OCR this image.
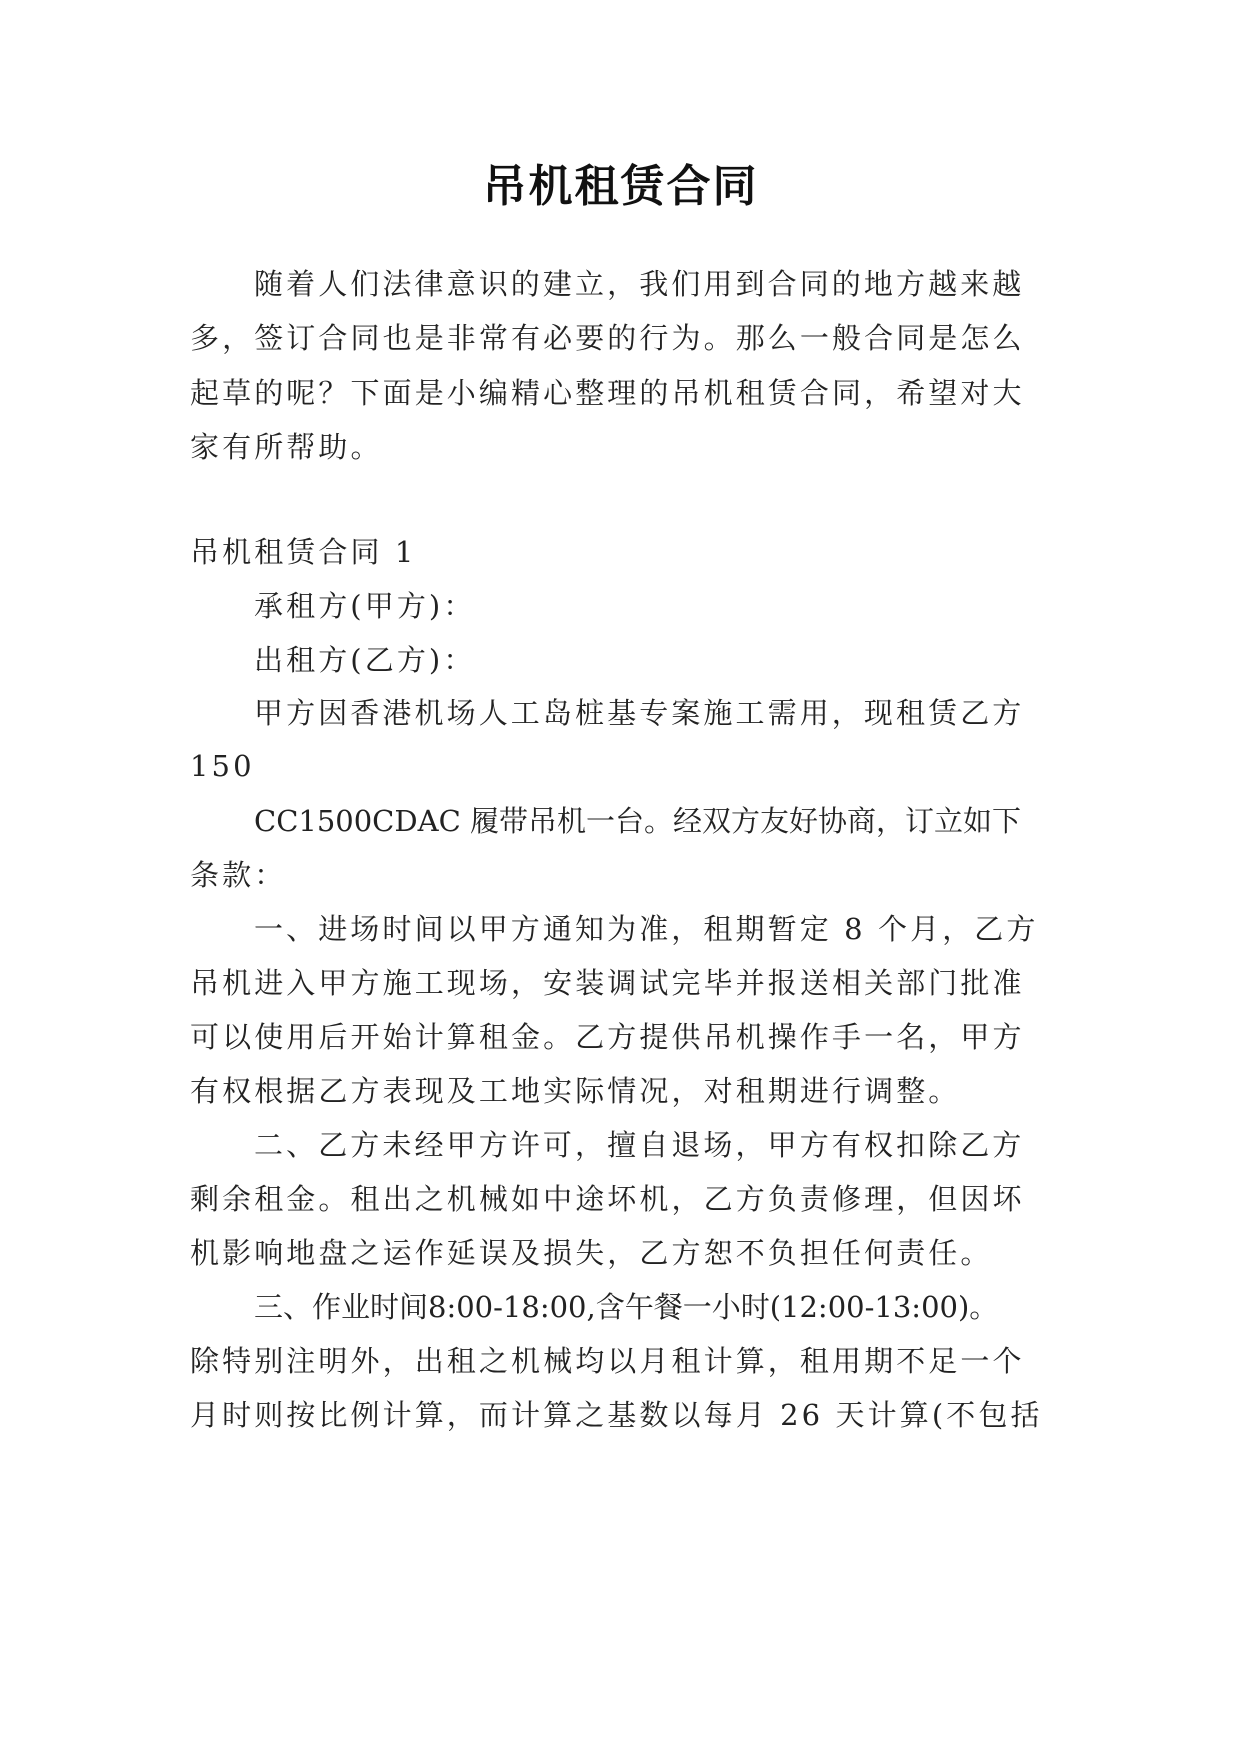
吊机租赁合同
随着人们法律意识的建立，我们用到合同的地方越来越
多，签订合同也是非常有必要的行为。那么一般合同是怎么
起草的呢？下面是小编精心整理的吊机租赁合同，希望对大
家有所帮助。
吊机租赁合同 1
承租方(甲方)：
出租方(乙方)：
甲方因香港机场人工岛桩基专案施工需用，现租赁乙方
150
CC1500CDAC 履带吊机一台。经双方友好协商，订立如下
条款：
一、进场时间以甲方通知为准，租期暂定 8 个月，乙方
吊机进入甲方施工现场，安装调试完毕并报送相关部门批准
可以使用后开始计算租金。乙方提供吊机操作手一名，甲方
有权根据乙方表现及工地实际情况，对租期进行调整。
二、乙方未经甲方许可，擅自退场，甲方有权扣除乙方
剩余租金。租出之机械如中途坏机，乙方负责修理，但因坏
机影响地盘之运作延误及损失，乙方恕不负担任何责任。
三、作业时间8:00-18:00,含午餐一小时(12:00-13:00)。
除特别注明外，出租之机械均以月租计算，租用期不足一个
月时则按比例计算，而计算之基数以每月 26 天计算(不包括
